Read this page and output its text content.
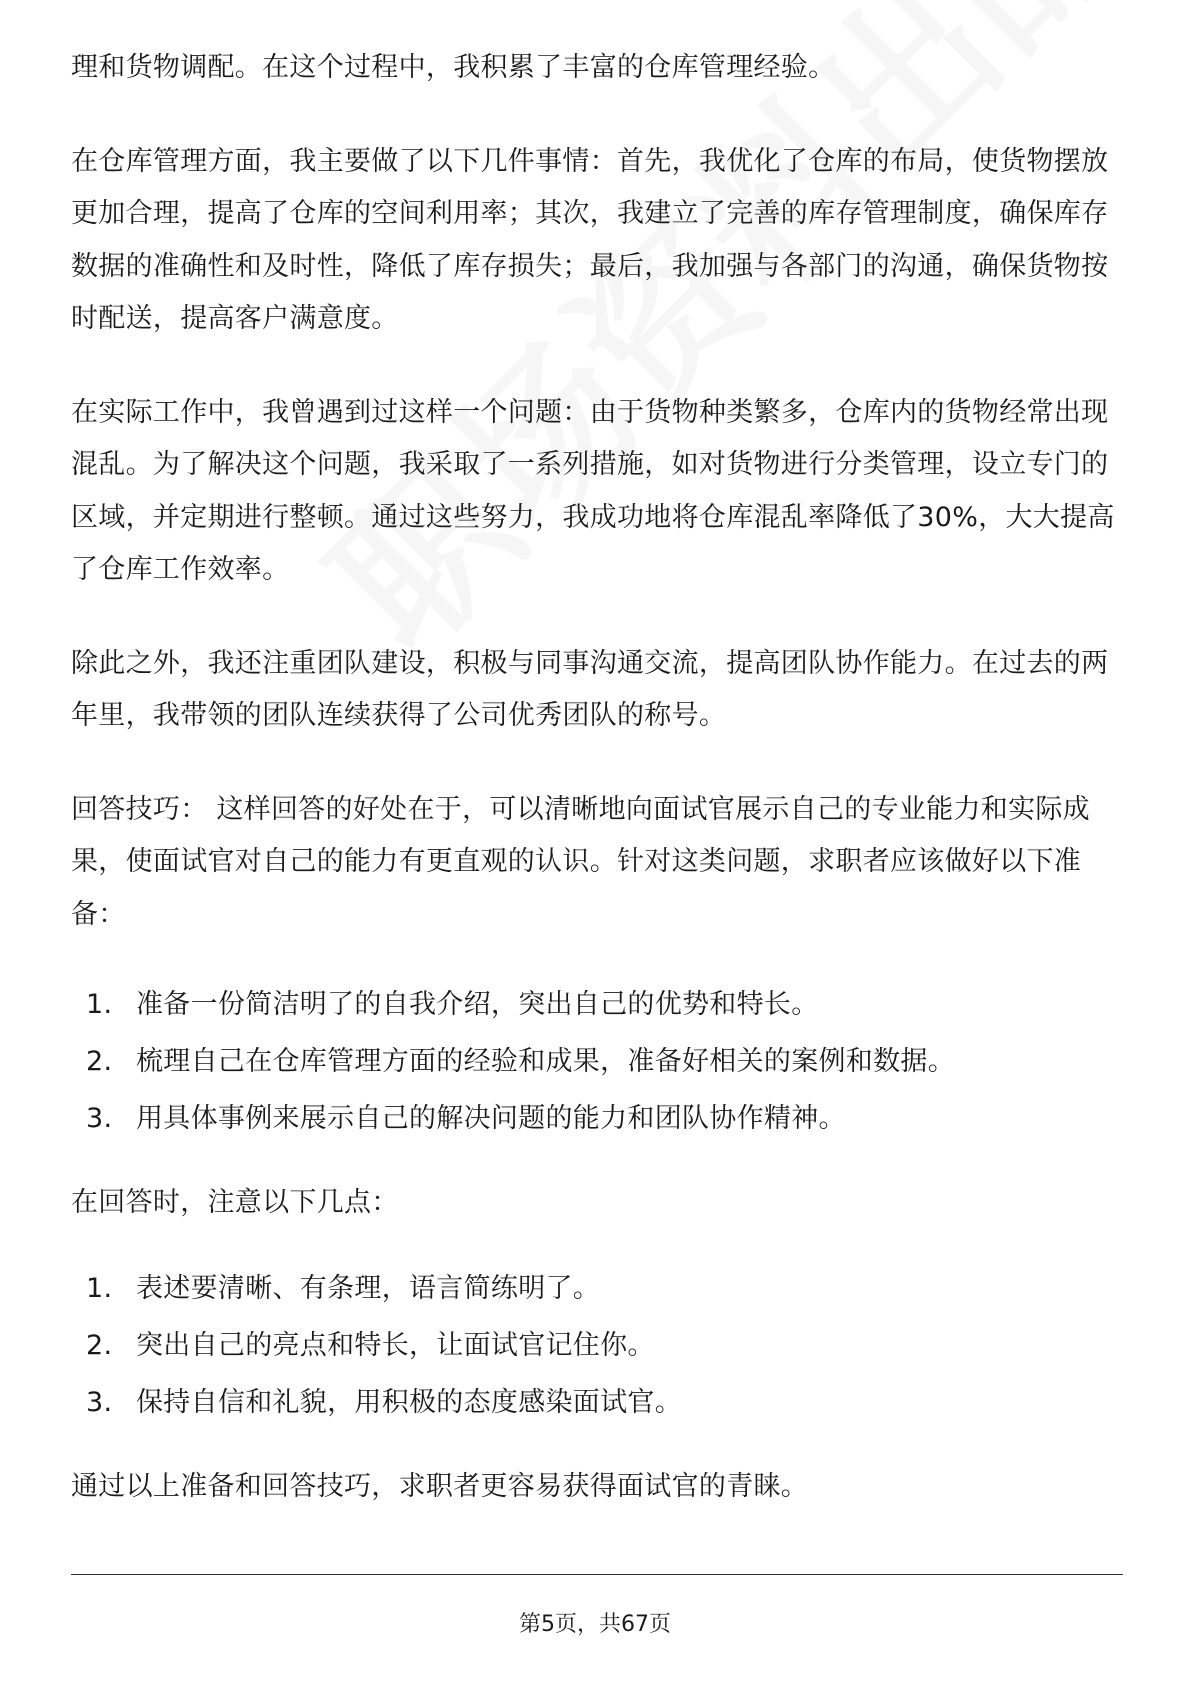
理和货物调配。在这个过程中，我积累了丰富的仓库管理经验。

在仓库管理方面，我主要做了以下几件事情：首先，我优化了仓库的布局，使货物摆放更加合理，提高了仓库的空间利用率；其次，我建立了完善的库存管理制度，确保库存数据的准确性和及时性，降低了库存损失；最后，我加强与各部门的沟通，确保货物按时配送，提高客户满意度。

在实际工作中，我曾遇到过这样一个问题：由于货物种类繁多，仓库内的货物经常出现混乱。为了解决这个问题，我采取了一系列措施，如对货物进行分类管理，设立专门的区域，并定期进行整顿。通过这些努力，我成功地将仓库混乱率降低了30%，大大提高了仓库工作效率。

除此之外，我还注重团队建设，积极与同事沟通交流，提高团队协作能力。在过去的两年里，我带领的团队连续获得了公司优秀团队的称号。

回答技巧： 这样回答的好处在于，可以清晰地向面试官展示自己的专业能力和实际成果，使面试官对自己的能力有更直观的认识。针对这类问题，求职者应该做好以下准备：

1. 准备一份简洁明了的自我介绍，突出自己的优势和特长。
2. 梳理自己在仓库管理方面的经验和成果，准备好相关的案例和数据。
3. 用具体事例来展示自己的解决问题的能力和团队协作精神。

在回答时，注意以下几点：

1. 表述要清晰、有条理，语言简练明了。
2. 突出自己的亮点和特长，让面试官记住你。
3. 保持自信和礼貌，用积极的态度感染面试官。

通过以上准备和回答技巧，求职者更容易获得面试官的青睐。

第5页，共67页
